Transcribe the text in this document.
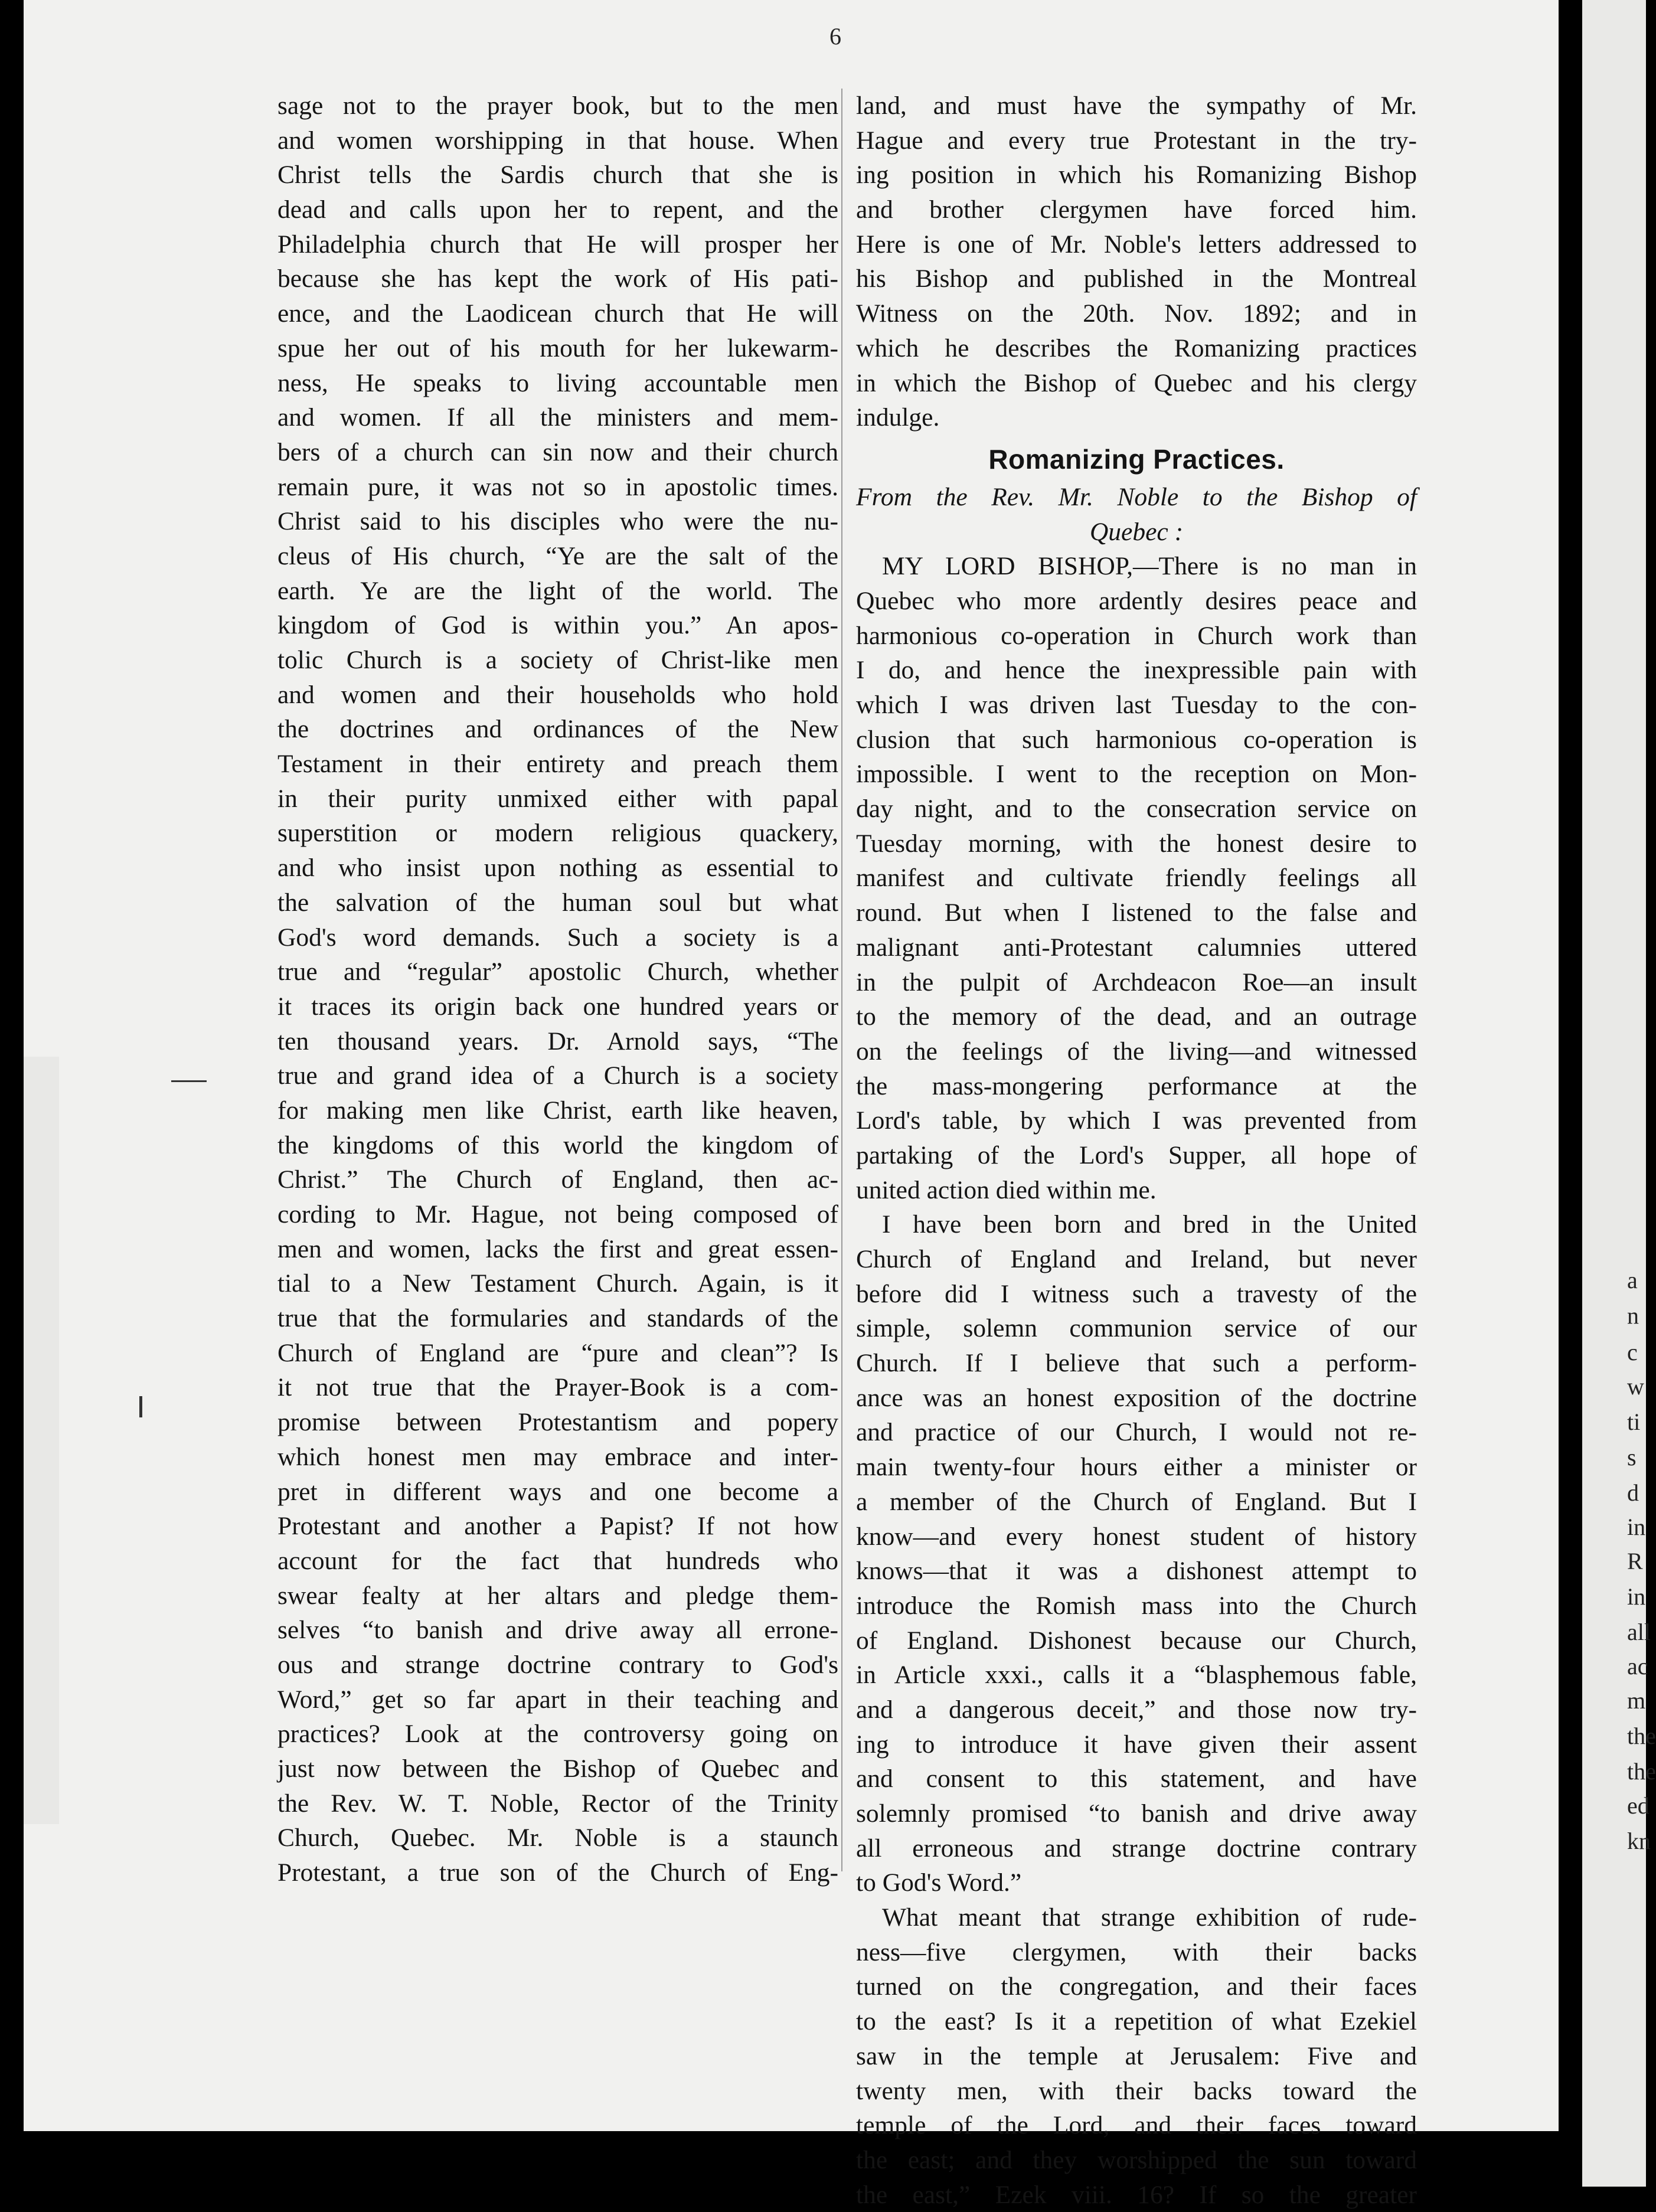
a
n
c
w
ti
s
d
in
R
in
all
ac
m
the
the
ed
kn
6
sage not to the prayer book, but to the men
and women worshipping in that house. When
Christ tells the Sardis church that she is
dead and calls upon her to repent, and the
Philadelphia church that He will prosper her
because she has kept the work of His pati-
ence, and the Laodicean church that He will
spue her out of his mouth for her lukewarm-
ness, He speaks to living accountable men
and women. If all the ministers and mem-
bers of a church can sin now and their church
remain pure, it was not so in apostolic times.
Christ said to his disciples who were the nu-
cleus of His church, “Ye are the salt of the
earth. Ye are the light of the world. The
kingdom of God is within you.” An apos-
tolic Church is a society of Christ-like men
and women and their households who hold
the doctrines and ordinances of the New
Testament in their entirety and preach them
in their purity unmixed either with papal
superstition or modern religious quackery,
and who insist upon nothing as essential to
the salvation of the human soul but what
God's word demands. Such a society is a
true and “regular” apostolic Church, whether
it traces its origin back one hundred years or
ten thousand years. Dr. Arnold says, “The
true and grand idea of a Church is a society
for making men like Christ, earth like heaven,
the kingdoms of this world the kingdom of
Christ.” The Church of England, then ac-
cording to Mr. Hague, not being composed of
men and women, lacks the first and great essen-
tial to a New Testament Church. Again, is it
true that the formularies and standards of the
Church of England are “pure and clean”? Is
it not true that the Prayer-Book is a com-
promise between Protestantism and popery
which honest men may embrace and inter-
pret in different ways and one become a
Protestant and another a Papist? If not how
account for the fact that hundreds who
swear fealty at her altars and pledge them-
selves “to banish and drive away all errone-
ous and strange doctrine contrary to God's
Word,” get so far apart in their teaching and
practices? Look at the controversy going on
just now between the Bishop of Quebec and
the Rev. W. T. Noble, Rector of the Trinity
Church, Quebec. Mr. Noble is a staunch
Protestant, a true son of the Church of Eng-
land, and must have the sympathy of Mr.
Hague and every true Protestant in the try-
ing position in which his Romanizing Bishop
and brother clergymen have forced him.
Here is one of Mr. Noble's letters addressed to
his Bishop and published in the Montreal
Witness on the 20th. Nov. 1892; and in
which he describes the Romanizing practices
in which the Bishop of Quebec and his clergy
indulge.
Romanizing Practices.
From the Rev. Mr. Noble to the Bishop of
Quebec :
MY LORD BISHOP,—There is no man in
Quebec who more ardently desires peace and
harmonious co-operation in Church work than
I do, and hence the inexpressible pain with
which I was driven last Tuesday to the con-
clusion that such harmonious co-operation is
impossible. I went to the reception on Mon-
day night, and to the consecration service on
Tuesday morning, with the honest desire to
manifest and cultivate friendly feelings all
round. But when I listened to the false and
malignant anti-Protestant calumnies uttered
in the pulpit of Archdeacon Roe—an insult
to the memory of the dead, and an outrage
on the feelings of the living—and witnessed
the mass-mongering performance at the
Lord's table, by which I was prevented from
partaking of the Lord's Supper, all hope of
united action died within me.
I have been born and bred in the United
Church of England and Ireland, but never
before did I witness such a travesty of the
simple, solemn communion service of our
Church. If I believe that such a perform-
ance was an honest exposition of the doctrine
and practice of our Church, I would not re-
main twenty-four hours either a minister or
a member of the Church of England. But I
know—and every honest student of history
knows—that it was a dishonest attempt to
introduce the Romish mass into the Church
of England. Dishonest because our Church,
in Article xxxi., calls it a “blasphemous fable,
and a dangerous deceit,” and those now try-
ing to introduce it have given their assent
and consent to this statement, and have
solemnly promised “to banish and drive away
all erroneous and strange doctrine contrary
to God's Word.”
What meant that strange exhibition of rude-
ness—five clergymen, with their backs
turned on the congregation, and their faces
to the east? Is it a repetition of what Ezekiel
saw in the temple at Jerusalem: Five and
twenty men, with their backs toward the
temple of the Lord, and their faces toward
the east; and they worshipped the sun toward
the east,” Ezek viii. 16? If so the greater
